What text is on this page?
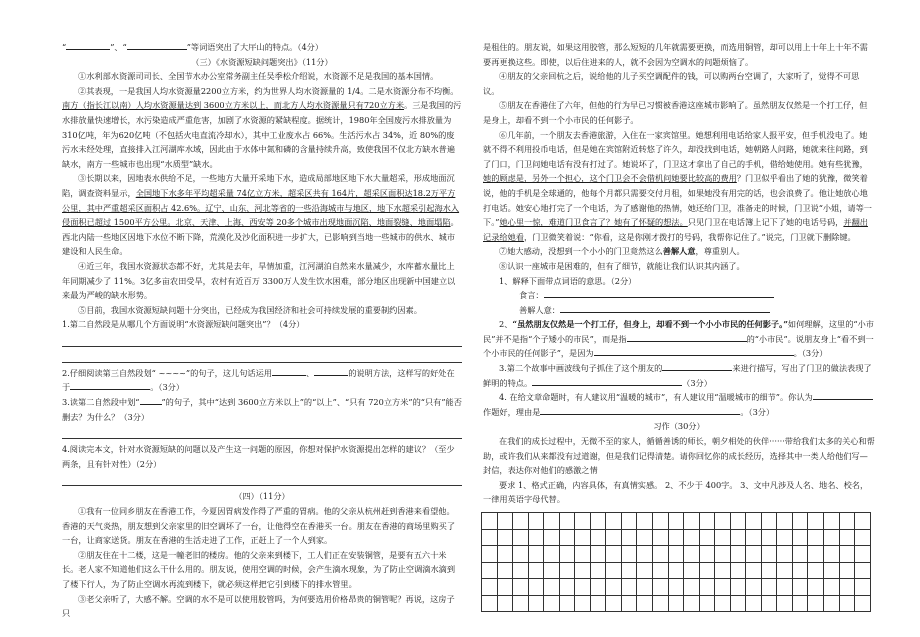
“	”、“	”等词语突出了大厈山的特点。（4分）

（三）《水资源短缺问题突出》（11分）

①水利部水资源司司长、全国节水办公室常务副主任吴季松介绍说，水资源不足是我国的基本国情。

②其表现，一是我国人均水资源量2200立方米，约为世界人均水资源量的 1/4。二是水资源分布不均衡。南方（指长江以南）人均水资源量达到 3600立方米以上，而北方人均水资源量只有720立方米。三是我国的污水排放量快速增长，水污染造成严重危害，加剧了水资源的紧缺程度。据统计，1980年全国废污水排放量为310亿吨，年为620亿吨（不包括火电直流冷却水），其中工业废水占 66%。生活污水占 34%，近 80%的废污水未经处理，直接排入江河湖库水域，因此由于水体中氮和磷的含量持续升高，致使我国不仅北方缺水普遍缺水，南方一些城市也出现“水质型”缺水。

③长期以来，因地表水供给不足，一些地方大量开采地下水，造成局部地区地下水大量超采，形成地面沉陷，调查资料显示，全国地下水多年平均超采量 74亿立方米，超采区共有 164片，超采区面积达18.2万平方公里，其中严重超采区面积占 42.6%。辽宁、山东、河北等省的一些沿海城市与地区，地下水超采引起海水入侵面积已超过 1500平方公里。北京、天津、上海、西安等 20多个城市出现地面沉陷、地面裂缝、地面塌陷。西北内陆一些地区因地下水位不断下降，荒漠化及沙化面积进一步扩大，已影响到当地一些城市的供水、城市建设和人民生命。

④近三年，我国水资源状态都不好，尤其是去年，旱情加重，江河湖泊自然来水量减少，水库蓄水量比上年同期减少了 11%。3亿多亩农田受旱，农村有近百万 3300万人发生饮水困难，部分地区出现新中国建立以来最为严峻的缺水形势。

⑤目前，我国水资源短缺问题十分突出，已经成为我国经济和社会可持续发展的重要制约因素。

1.第二自然段是从哪几个方面说明“水资源短缺问题突出”？（4分）

2.仔细阅读第三自然段划“ ~~~~”的句子，这儿句话运用	、	的说明方法，这样写的好处在于	。（3分）

3.读第二自然段中划“	”的句子，其中“达到 3600立方米以上”的“以上”、“只有 720立方米”的“只有”能否删去？为什么？（3分）

4.阅读完本文，针对水资源短缺的问题以及产生这一问题的原因，你想对保护水资源提出怎样的建议？（至少两条，且有针对性）（2分）

（四）（11分）

①我有一位同乡朋友在香港工作，今夏因胃病发作得了严重的胃病。他的父亲从杭州赶到香港来看望他。香港的天气炎热，朋友想到父亲家里的旧空调坏了一台，让他得空在香港买一台。朋友在香港的商场里购买了一台，让商家送货。朋友在香港的生活走进了工作，正赶上了一个人到家。

②朋友住在十二楼，这是一幢老旧的楼房。他的父亲来到楼下，工人们正在安装铜管，是要有五六十米长。老人家不知道他们这么干什么用的。朋友说，使用空调的时候，会产生滴水现象，为了防止空调滴水滴到了楼下行人，为了防止空调水再流到楼下，就必须这样把它引到楼下的排水管里。

③老父亲听了，大感不解。空调的水不是可以使用胶管吗，为何要选用价格昂贵的铜管呢？再说，这房子只

是租住的。朋友说，如果这用胶管，那么短短的几年就需要更换，而选用铜管，却可以用上十年上十年不需要再更换这些。即使，以后住进来的人，就不会因为空调水的问题烦恼了。

④朋友的父亲回杭之后，说给他的儿子买空调配件的钱，可以购两台空调了，大家听了，觉得不可思议。

⑤朋友在香港住了六年，但他的行为早已习惯被香港这座城市影响了。虽然朋友仅然是一个打工仔，但是身上，却看不到一个小市民的任何影子。

⑥几年前，一个朋友去香港旅游，入住在一家宾馆里。她想利用电话给家人报平安，但手机没电了。她就不得不利用投币电话，但是她在宾馆附近转悠了许久，却没找到电话，她朝路人问路，她就来往问路，到了门口，门卫问她电话有没有打过了。她说坏了，门卫这才拿出了自己的手机，借给她使用。她有些犹豫，她的顾虑是，另外一个担心，这个门卫会不会借机问她要比较高的费用？门卫似乎看出了她的犹豫，微笑着说，他的手机是全球通的，他每个月都只需要交付月租，如果她没有用完的话，也会浪费了。他让她放心地打电话。她安心地打完了一个电话，为了感谢他的热情，她还给门卫，准备走的时候，门卫说“小姐，请等一下。”她心里一惊，难道门卫食言了？她有了怀疑的想法。只见门卫在电话簿上记下了她的电话号码，并翻出记录给她看，门卫微笑着说：“你看，这是你刚才拨打的号码，我帮你记住了。”说完，门卫就下删除键。

⑦她大感动，没想到一个小小的门卫竟然这么善解人意，尊重别人。

⑧认识一座城市是困难的，但有了细节，就能让我们认识其内涵了。

1、解释下面带点词语的意思。（2分）

食言：

善解人意：

2、“虽然朋友仅然是一个打工仔，但身上，却看不到一个小小市民的任何影子。”如何理解，这里的“小市民”并不是指“个子矮小的市民”，而是指	的“小市民”。说朋友身上“看不到一个小市民的任何影子”，是因为	。（3分）

3.第二个故事中画波线句子抓住了这个朋友的	来进行描写，写出了门卫的做法表现了鲜明的特点。	（3分）

4. 在给文章命题时，有人建议用“温暖的城市”，有人建议用“温暖城市的细节”。你认为作题好，理由是	。（3分）

习作（30分）

在我们的成长过程中，无微不至的家人，循循善诱的师长，朝夕相处的伙伴······带给我们太多的关心和帮助，或许我们从来都没有过道谢，但是我们记得清楚。请你回忆你的成长经历，选择其中一类人给他们写—封信，表达你对他们的感激之情

要求 1、格式正确，内容具体，有真情实感。 2、不少于 400字。 3、文中凡涉及人名、地名、校名，一律用英语字母代替。
